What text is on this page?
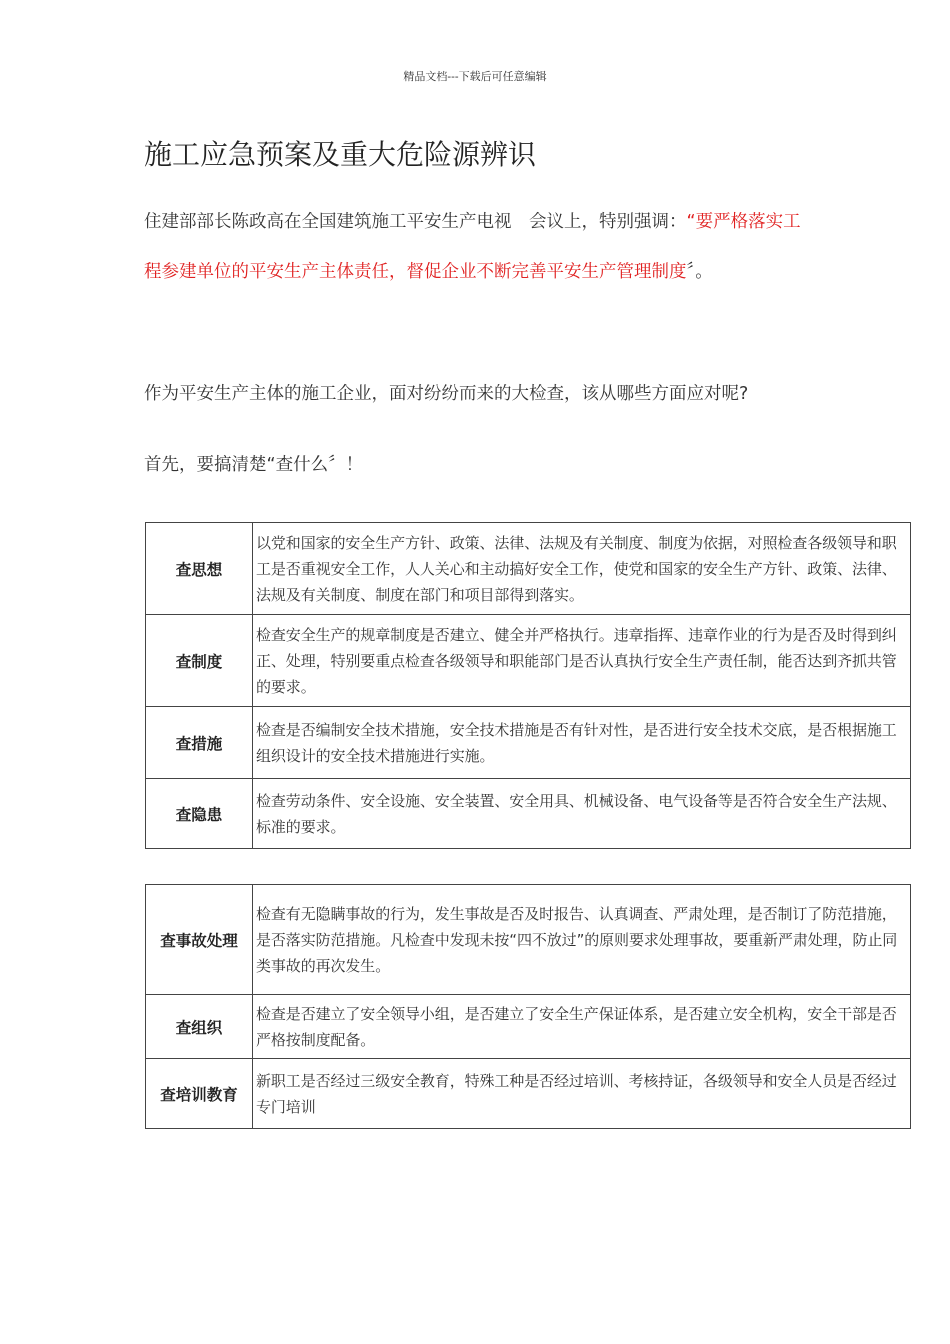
精品文档---下载后可任意编辑
施工应急预案及重大危险源辨识

住建部部长陈政高在全国建筑施工平安生产电视　会议上，特别强调：“要严格落实工程参建单位的平安生产主体责任，督促企业不断完善平安生产管理制度〞。

作为平安生产主体的施工企业，面对纷纷而来的大检查，该从哪些方面应对呢?

首先，要搞清楚“查什么〞！

查思想	以党和国家的安全生产方针、政策、法律、法规及有关制度、制度为依据，对照检查各级领导和职工是否重视安全工作，人人关心和主动搞好安全工作，使党和国家的安全生产方针、政策、法律、法规及有关制度、制度在部门和项目部得到落实。
查制度	检查安全生产的规章制度是否建立、健全并严格执行。违章指挥、违章作业的行为是否及时得到纠正、处理，特别要重点检查各级领导和职能部门是否认真执行安全生产责任制，能否达到齐抓共管的要求。
查措施	检查是否编制安全技术措施，安全技术措施是否有针对性，是否进行安全技术交底，是否根据施工组织设计的安全技术措施进行实施。
查隐患	检查劳动条件、安全设施、安全装置、安全用具、机械设备、电气设备等是否符合安全生产法规、标准的要求。
查事故处理	检查有无隐瞒事故的行为，发生事故是否及时报告、认真调查、严肃处理，是否制订了防范措施，是否落实防范措施。凡检查中发现未按“四不放过”的原则要求处理事故，要重新严肃处理，防止同类事故的再次发生。
查组织	检查是否建立了安全领导小组，是否建立了安全生产保证体系，是否建立安全机构，安全干部是否严格按制度配备。
查培训教育	新职工是否经过三级安全教育，特殊工种是否经过培训、考核持证，各级领导和安全人员是否经过专门培训
